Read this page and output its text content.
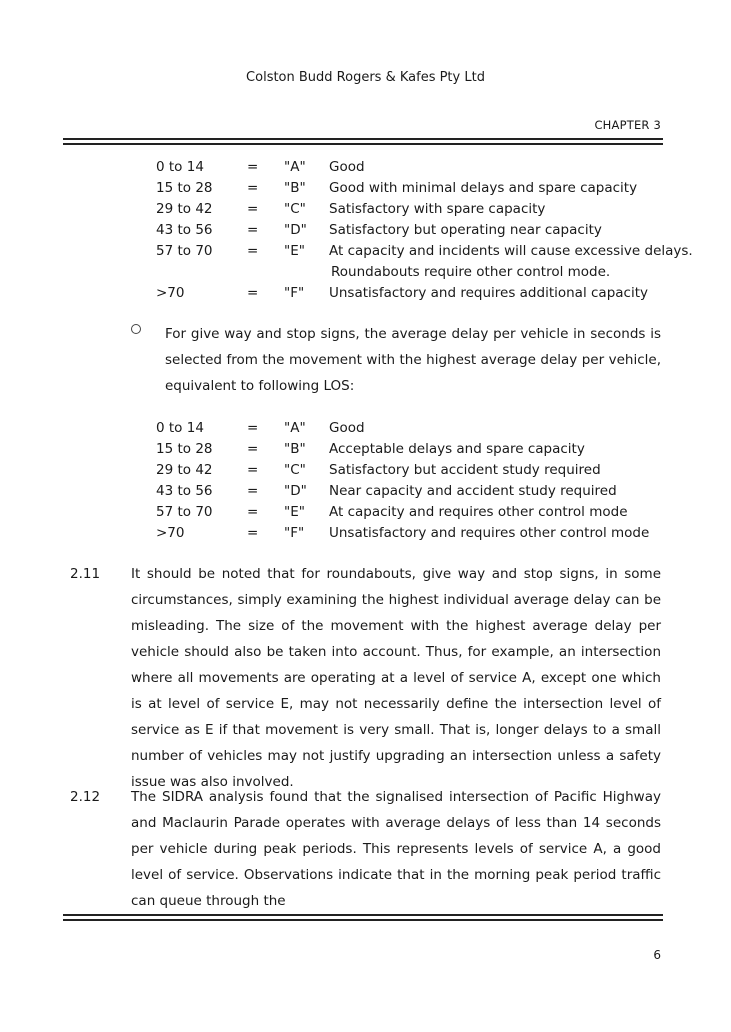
Colston Budd Rogers & Kafes Pty Ltd
CHAPTER 3
0 to 14	= "A" Good
15 to 28	= "B" Good with minimal delays and spare capacity
29 to 42	= "C" Satisfactory with spare capacity
43 to 56	= "D" Satisfactory but operating near capacity
57 to 70	= "E" At capacity and incidents will cause excessive delays.
Roundabouts require other control mode.
>70	= "F" Unsatisfactory and requires additional capacity
For give way and stop signs, the average delay per vehicle in seconds is selected from the movement with the highest average delay per vehicle, equivalent to following LOS:
0 to 14	= "A" Good
15 to 28	= "B" Acceptable delays and spare capacity
29 to 42	= "C" Satisfactory but accident study required
43 to 56	= "D" Near capacity and accident study required
57 to 70	= "E" At capacity and requires other control mode
>70	= "F" Unsatisfactory and requires other control mode
2.11 It should be noted that for roundabouts, give way and stop signs, in some circumstances, simply examining the highest individual average delay can be misleading. The size of the movement with the highest average delay per vehicle should also be taken into account. Thus, for example, an intersection where all movements are operating at a level of service A, except one which is at level of service E, may not necessarily define the intersection level of service as E if that movement is very small. That is, longer delays to a small number of vehicles may not justify upgrading an intersection unless a safety issue was also involved.
2.12 The SIDRA analysis found that the signalised intersection of Pacific Highway and Maclaurin Parade operates with average delays of less than 14 seconds per vehicle during peak periods. This represents levels of service A, a good level of service. Observations indicate that in the morning peak period traffic can queue through the
6
